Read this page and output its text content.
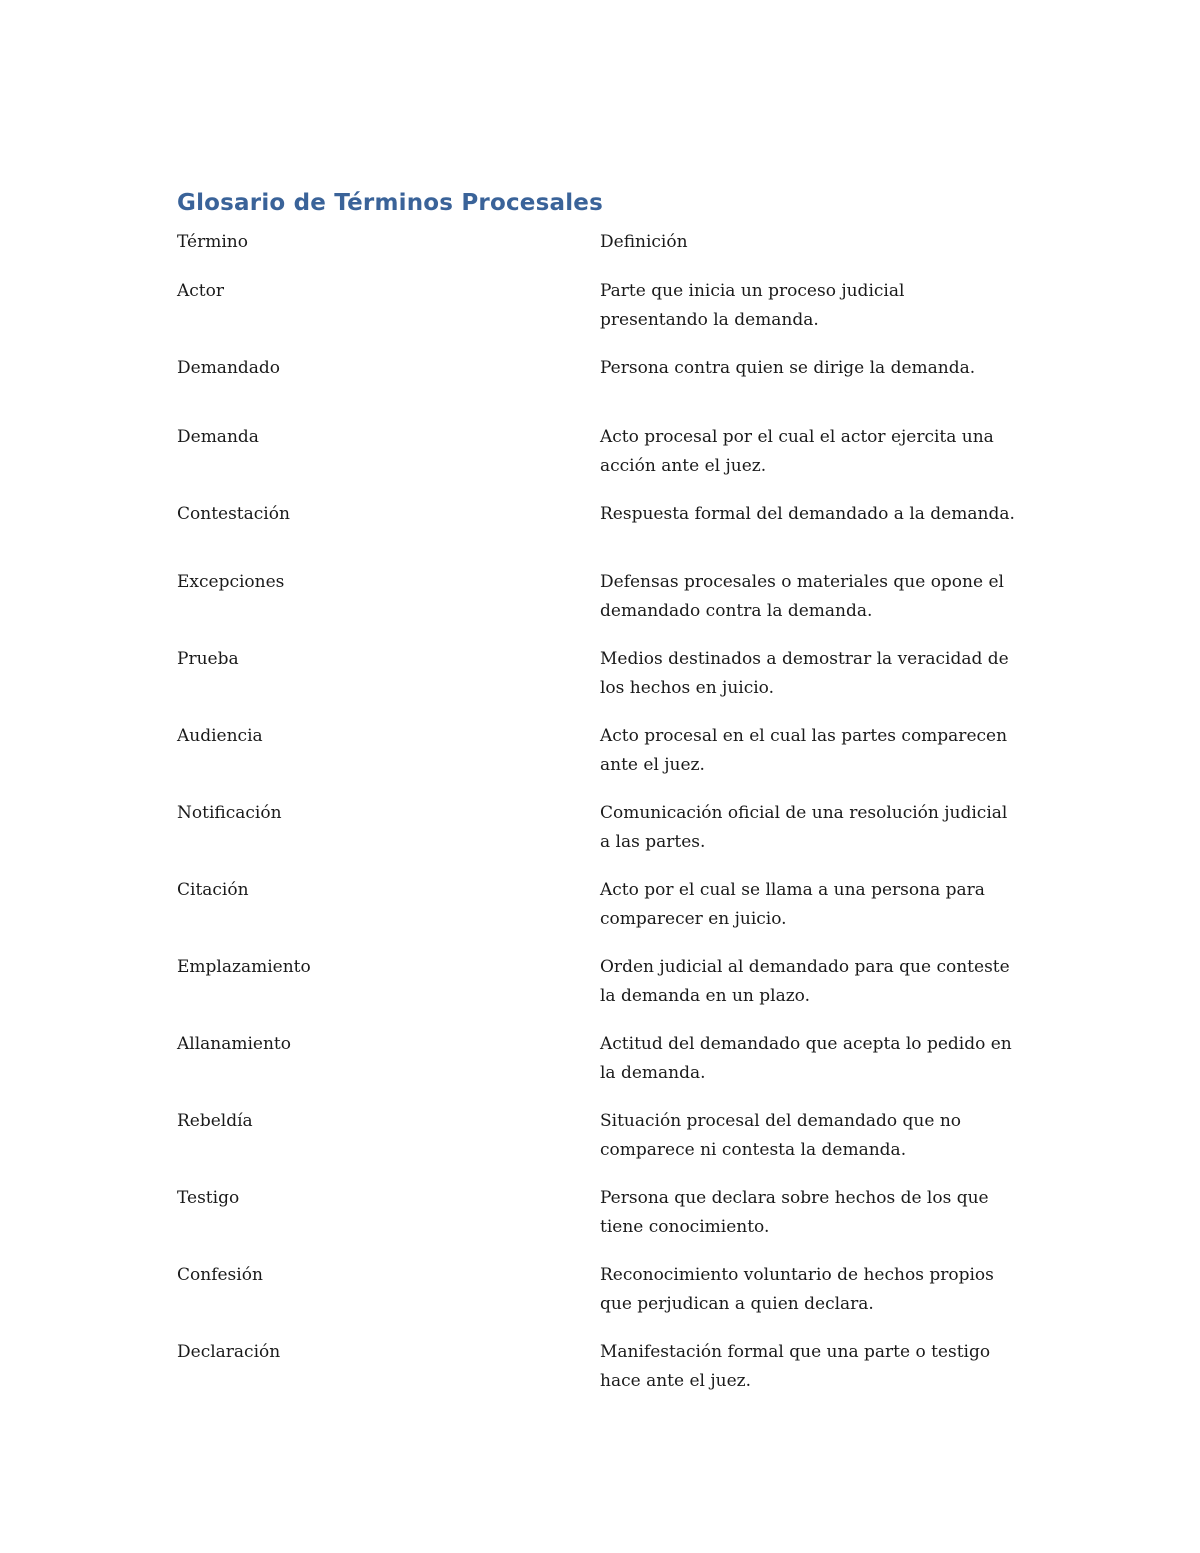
Glosario de Términos Procesales
Término	Definición
Actor	Parte que inicia un proceso judicial presentando la demanda.
Demandado	Persona contra quien se dirige la demanda.
Demanda	Acto procesal por el cual el actor ejercita una acción ante el juez.
Contestación	Respuesta formal del demandado a la demanda.
Excepciones	Defensas procesales o materiales que opone el demandado contra la demanda.
Prueba	Medios destinados a demostrar la veracidad de los hechos en juicio.
Audiencia	Acto procesal en el cual las partes comparecen ante el juez.
Notificación	Comunicación oficial de una resolución judicial a las partes.
Citación	Acto por el cual se llama a una persona para comparecer en juicio.
Emplazamiento	Orden judicial al demandado para que conteste la demanda en un plazo.
Allanamiento	Actitud del demandado que acepta lo pedido en la demanda.
Rebeldía	Situación procesal del demandado que no comparece ni contesta la demanda.
Testigo	Persona que declara sobre hechos de los que tiene conocimiento.
Confesión	Reconocimiento voluntario de hechos propios que perjudican a quien declara.
Declaración	Manifestación formal que una parte o testigo hace ante el juez.
